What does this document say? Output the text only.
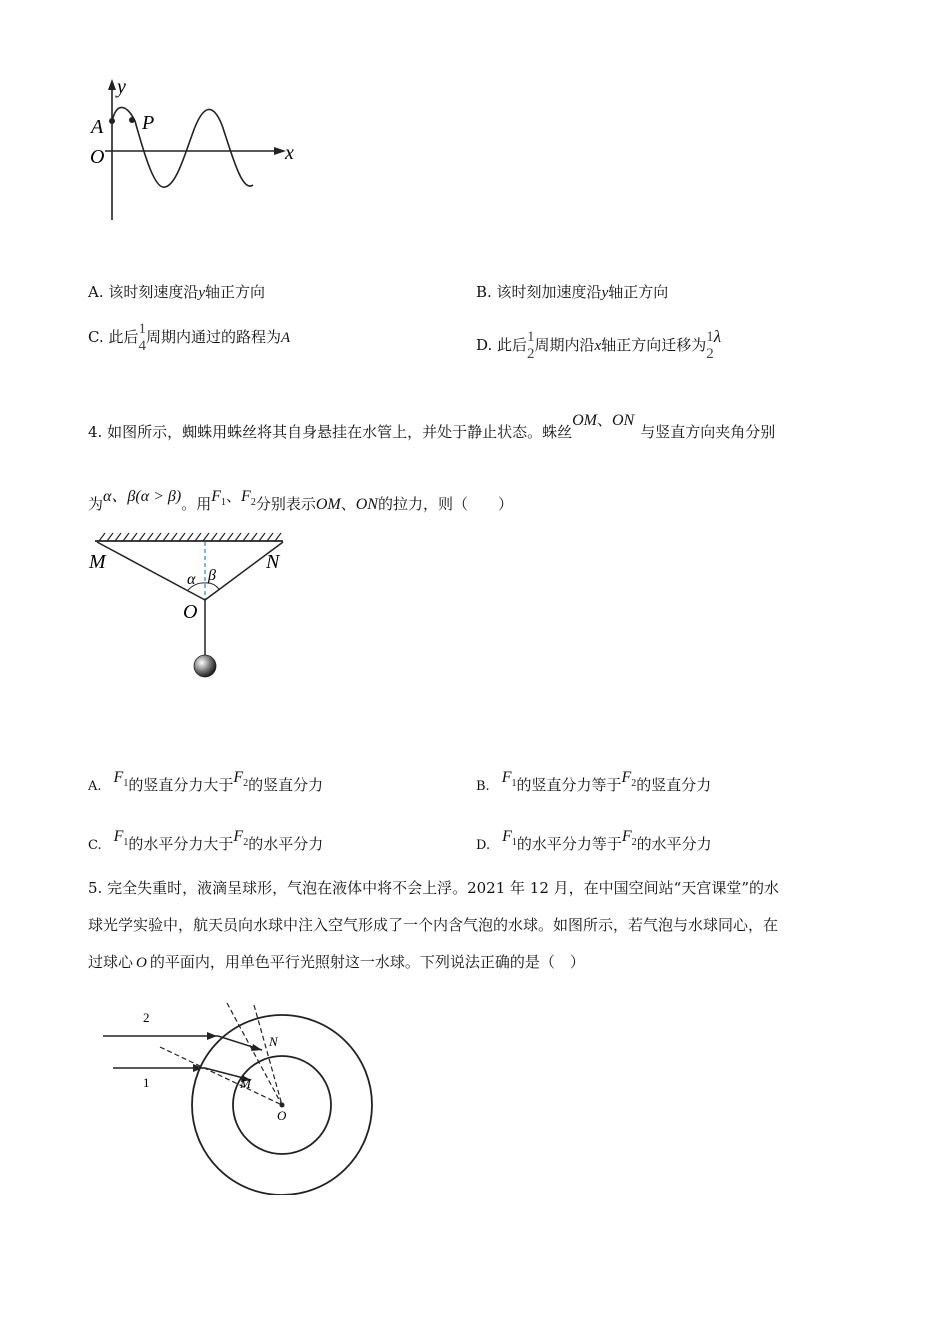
y
x
A P
O
A. 该时刻速度沿y轴正方向	B. 该时刻加速度沿y轴正方向
C. 此后 1
4 周期内通过的路程为A	D. 此后 1
2 周期内沿x轴正方向迁移为 1
2
λ
4. 如图所示，蜘蛛用蛛丝将其自身悬挂在水管上，并处于静止状态。蛛丝OM、ON与竖直方向夹角分别
为α、β(α > β)。用$F_1$、$F_2$分别表示OM、ON的拉力，则（　　）
M	N
O
α β
$A.F_1$的竖直分力大于$F_2$的竖直分力	$B.F_1$的竖直分力等于$F_2$的竖直分力
$C.F_1$的水平分力大于$F_2$的水平分力	$D.F_1$的水平分力等于$F_2$的水平分力
5. 完全失重时，液滴呈球形，气泡在液体中将不会上浮。2021 年 12 月，在中国空间站“天宫课堂”的水
球光学实验中，航天员向水球中注入空气形成了一个内含气泡的水球。如图所示，若气泡与水球同心，在
过球心 O 的平面内，用单色平行光照射这一水球。下列说法正确的是（　）
2
1
N
M
O
